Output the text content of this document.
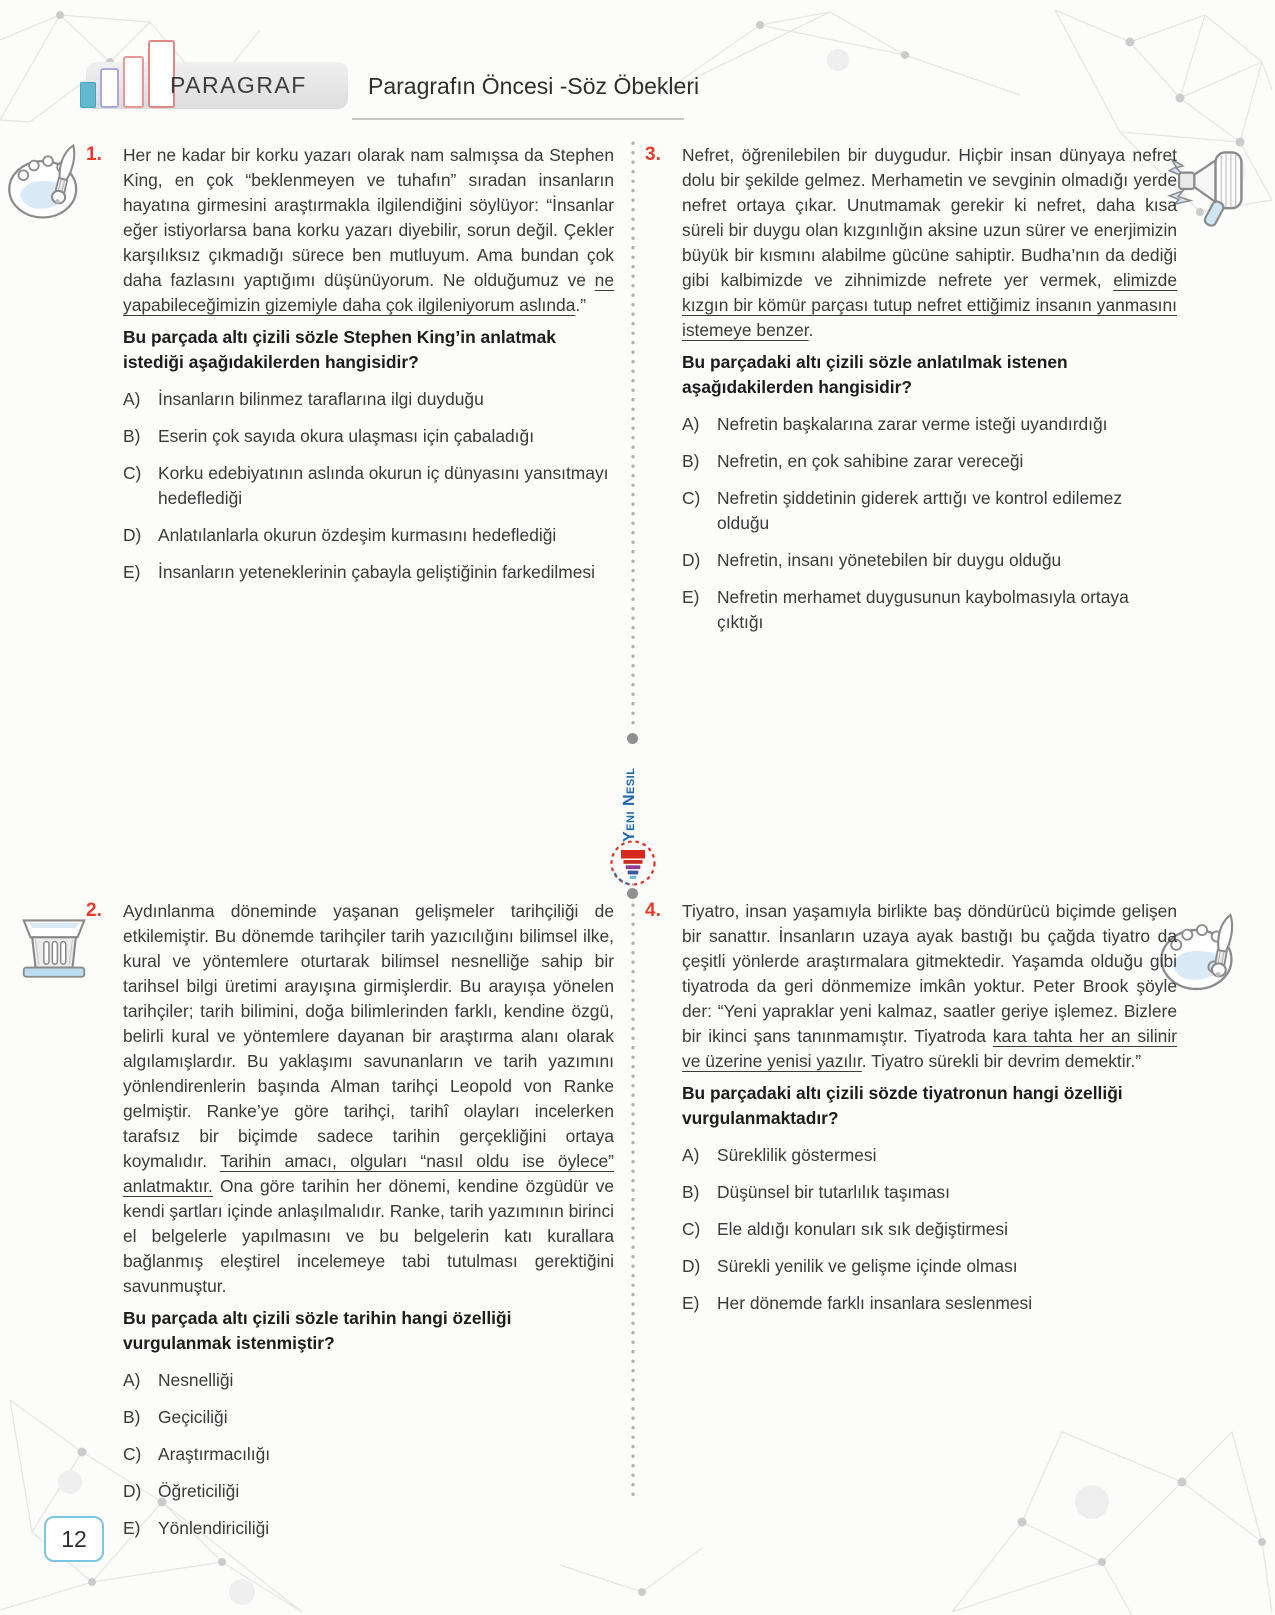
PARAGRAF	Paragrafın Öncesi -Söz Öbekleri
Yeni Nesil
1.	Her ne kadar bir korku yazarı olarak nam salmışsa da Stephen King, en çok “beklenmeyen ve tuhafın” sıradan insanların hayatına girmesini araştırmakla ilgilendiğini söylüyor: “İnsanlar eğer istiyorlarsa bana korku yazarı diyebilir, sorun değil. Çekler karşılıksız çıkmadığı sürece ben mutluyum. Ama bundan çok daha fazlasını yaptığımı düşünüyorum. Ne olduğumuz ve ne yapabileceğimizin gizemiyle daha çok ilgileniyorum aslında.”

Bu parçada altı çizili sözle Stephen King’in anlatmak istediği aşağıdakilerden hangisidir?

A)	İnsanların bilinmez taraflarına ilgi duyduğu
B)	Eserin çok sayıda okura ulaşması için çabaladığı
C) Korku edebiyatının aslında okurun iç dünyasını yansıtmayı hedeflediği
D) Anlatılanlarla okurun özdeşim kurmasını hedeflediği
E)	İnsanların yeteneklerinin çabayla geliştiğinin farkedilmesi
2.	Aydınlanma döneminde yaşanan gelişmeler tarihçiliği de etkilemiştir. Bu dönemde tarihçiler tarih yazıcılığını bilimsel ilke, kural ve yöntemlere oturtarak bilimsel nesnelliğe sahip bir tarihsel bilgi üretimi arayışına girmişlerdir. Bu arayışa yönelen tarihçiler; tarih bilimini, doğa bilimlerinden farklı, kendine özgü, belirli kural ve yöntemlere dayanan bir araştırma alanı olarak algılamışlardır. Bu yaklaşımı savunanların ve tarih yazımını yönlendirenlerin başında Alman tarihçi Leopold von Ranke gelmiştir. Ranke’ye göre tarihçi, tarihî olayları incelerken tarafsız bir biçimde sadece tarihin gerçekliğini ortaya koymalıdır. Tarihin amacı, olguları “nasıl oldu ise öylece” anlatmaktır. Ona göre tarihin her dönemi, kendine özgüdür ve kendi şartları içinde anlaşılmalıdır. Ranke, tarih yazımının birinci el belgelerle yapılmasını ve bu belgelerin katı kurallara bağlanmış eleştirel incelemeye tabi tutulması gerektiğini savunmuştur.

Bu parçada altı çizili sözle tarihin hangi özelliği vurgulanmak istenmiştir?

A)	Nesnelliği
B)	Geçiciliği
C) Araştırmacılığı
D) Öğreticiliği
E)	Yönlendiriciliği
3.	Nefret, öğrenilebilen bir duygudur. Hiçbir insan dünyaya nefret dolu bir şekilde gelmez. Merhametin ve sevginin olmadığı yerde nefret ortaya çıkar. Unutmamak gerekir ki nefret, daha kısa süreli bir duygu olan kızgınlığın aksine uzun sürer ve enerjimizin büyük bir kısmını alabilme gücüne sahiptir. Budha’nın da dediği gibi kalbimizde ve zihnimizde nefrete yer vermek, elimizde kızgın bir kömür parçası tutup nefret ettiğimiz insanın yanmasını istemeye benzer.

Bu parçadaki altı çizili sözle anlatılmak istenen aşağıdakilerden hangisidir?

A)	Nefretin başkalarına zarar verme isteği uyandırdığı
B)	Nefretin, en çok sahibine zarar vereceği
C) Nefretin şiddetinin giderek arttığı ve kontrol edilemez olduğu
D) Nefretin, insanı yönetebilen bir duygu olduğu
E)	Nefretin merhamet duygusunun kaybolmasıyla ortaya çıktığı
4.	Tiyatro, insan yaşamıyla birlikte baş döndürücü biçimde gelişen bir sanattır. İnsanların uzaya ayak bastığı bu çağda tiyatro da çeşitli yönlerde araştırmalara gitmektedir. Yaşamda olduğu gibi tiyatroda da geri dönmemize imkân yoktur. Peter Brook şöyle der: “Yeni yapraklar yeni kalmaz, saatler geriye işlemez. Bizlere bir ikinci şans tanınmamıştır. Tiyatroda kara tahta her an silinir ve üzerine yenisi yazılır. Tiyatro sürekli bir devrim demektir.”

Bu parçadaki altı çizili sözde tiyatronun hangi özelliği vurgulanmaktadır?

A)	Süreklilik göstermesi
B)	Düşünsel bir tutarlılık taşıması
C) Ele aldığı konuları sık sık değiştirmesi
D) Sürekli yenilik ve gelişme içinde olması
E)	Her dönemde farklı insanlara seslenmesi
12
